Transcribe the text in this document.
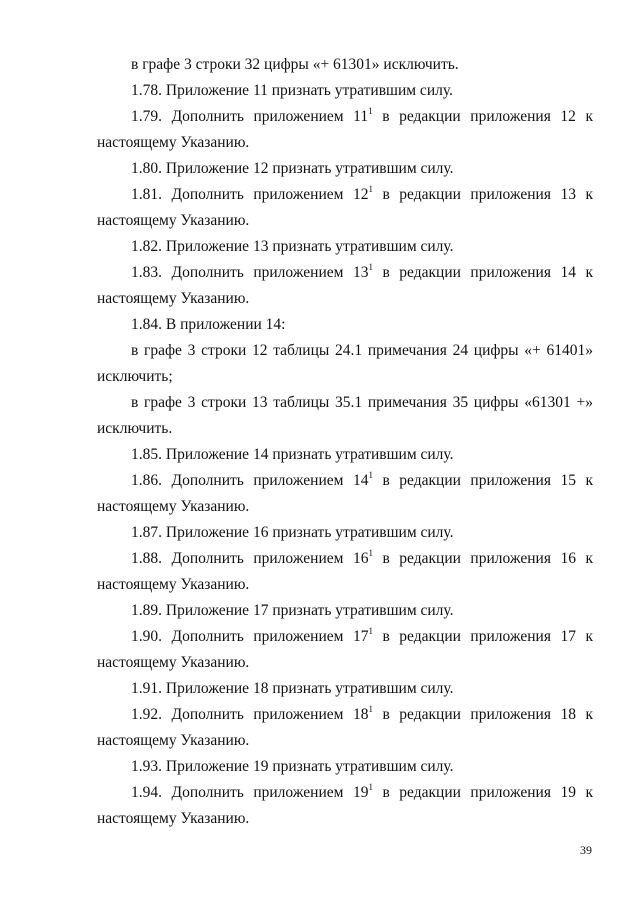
в графе 3 строки 32 цифры «+ 61301» исключить.
1.78. Приложение 11 признать утратившим силу.
1.79. Дополнить приложением $11^1$ в редакции приложения 12 к
настоящему Указанию.
1.80. Приложение 12 признать утратившим силу.
1.81. Дополнить приложением $12^1$ в редакции приложения 13 к
настоящему Указанию.
1.82. Приложение 13 признать утратившим силу.
1.83. Дополнить приложением $13^1$ в редакции приложения 14 к
настоящему Указанию.
1.84. В приложении 14:
в графе 3 строки 12 таблицы 24.1 примечания 24 цифры «+ 61401»
исключить;
в графе 3 строки 13 таблицы 35.1 примечания 35 цифры «61301 +»
исключить.
1.85. Приложение 14 признать утратившим силу.
1.86. Дополнить приложением $14^1$ в редакции приложения 15 к
настоящему Указанию.
1.87. Приложение 16 признать утратившим силу.
1.88. Дополнить приложением $16^1$ в редакции приложения 16 к
настоящему Указанию.
1.89. Приложение 17 признать утратившим силу.
1.90. Дополнить приложением $17^1$ в редакции приложения 17 к
настоящему Указанию.
1.91. Приложение 18 признать утратившим силу.
1.92. Дополнить приложением $18^1$ в редакции приложения 18 к
настоящему Указанию.
1.93. Приложение 19 признать утратившим силу.
1.94. Дополнить приложением $19^1$ в редакции приложения 19 к
настоящему Указанию.
39
